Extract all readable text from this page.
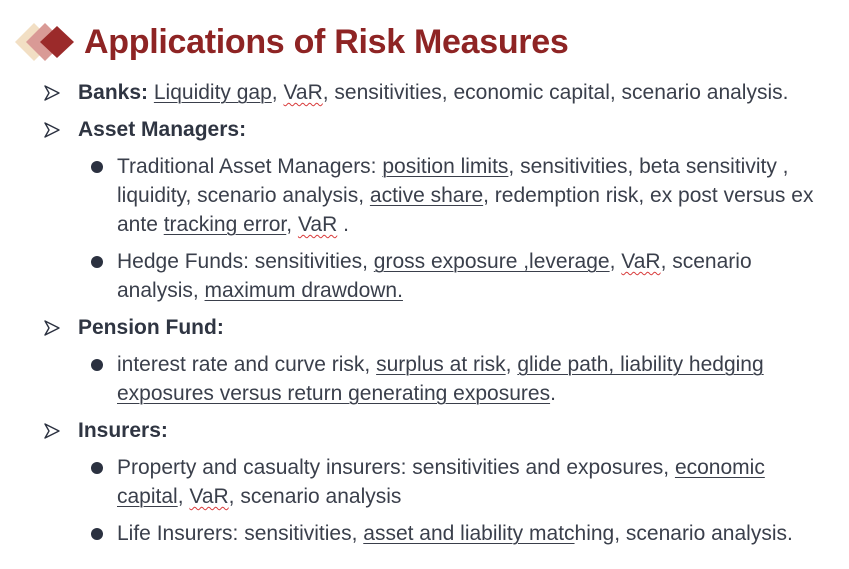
Applications of Risk Measures
Banks: Liquidity gap, VaR, sensitivities, economic capital, scenario analysis.
Asset Managers:
Traditional Asset Managers: position limits, sensitivities, beta sensitivity , liquidity, scenario analysis, active share, redemption risk, ex post versus ex ante tracking error, VaR .
Hedge Funds: sensitivities, gross exposure ,leverage, VaR, scenario analysis, maximum drawdown.
Pension Fund:
interest rate and curve risk, surplus at risk, glide path, liability hedging exposures versus return generating exposures.
Insurers:
Property and casualty insurers: sensitivities and exposures, economic capital, VaR, scenario analysis
Life Insurers: sensitivities, asset and liability matching, scenario analysis.
